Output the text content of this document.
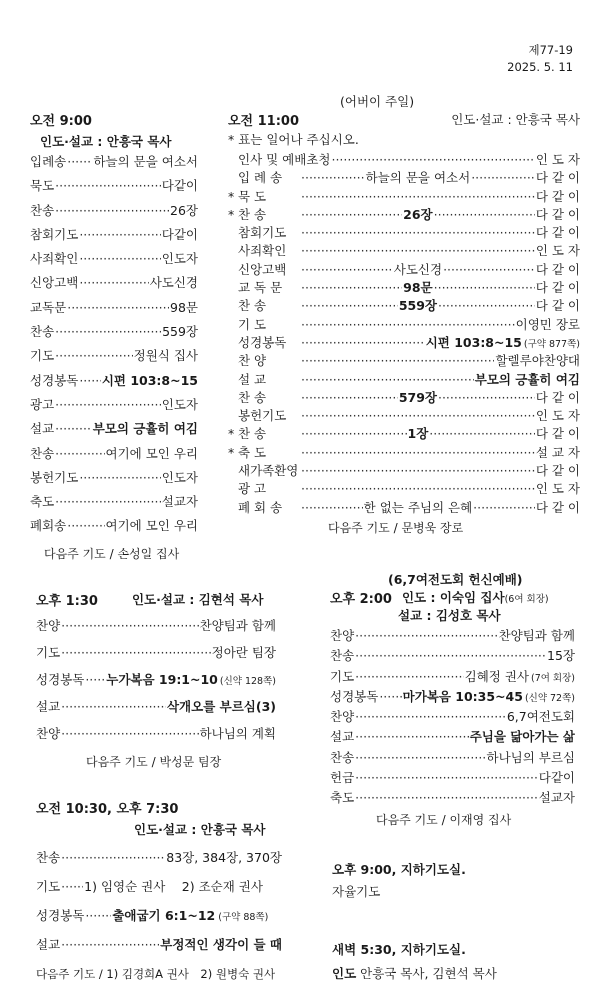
제77-19
2025. 5. 11
오전 9:00
인도·설교 : 안흥국 목사
입례송 ····· 하늘의 문을 여소서
묵도 ·····	다같이
찬송 ·····	26장
참회기도 ·····	다같이
사죄확인 ·····	인도자
신앙고백 ·····	사도신경
교독문 ·····	98문
찬송 ·····	559장
기도 ·····	정원식 집사
성경봉독 ····· 시편 103:8~15
광고 ·····	인도자
설교 ·····	부모의 긍휼히 여김
찬송 ·····	여기에 모인 우리
봉헌기도 ·····	인도자
축도 ·····	설교자
폐회송 ·····	여기에 모인 우리
다음주 기도 / 손성일 집사
(어버이 주일)
오전 11:00	인도·설교 : 안흥국 목사
* 표는 일어나 주십시오.
인사 및 예배초청 ·····	인 도 자
입 례 송 ·····	하늘의 문을 여소서 ·····	다 같 이
* 묵 도 ·····	다 같 이
* 찬 송 ·····	26장 ·····	다 같 이
참회기도 ·····	다 같 이
사죄확인 ·····	인 도 자
신앙고백 ·····	사도신경 ·····	다 같 이
교 독 문 ·····	98문 ·····	다 같 이
찬 송 ·····	559장 ·····	다 같 이
기 도 ·····	이영민 장로
성경봉독 ·····	시편 103:8~15 (구약 877쪽)
찬 양 ·····	할렐루야찬양대
설 교 ·····	부모의 긍휼히 여김
찬 송 ·····	579장 ·····	다 같 이
봉헌기도 ·····	인 도 자
* 찬 송 ·····	1장 ·····	다 같 이
* 축 도 ·····	설 교 자
새가족환영 ·····	다 같 이
광 고 ·····	인 도 자
폐 회 송 ·····	한 없는 주님의 은혜 ·····	다 같 이
다음주 기도 / 문병욱 장로
오후 1:30	인도·설교 : 김현석 목사
찬양 ·····	찬양팀과 함께
기도 ·····	정아란 팀장
성경봉독 ····· 누가복음 19:1~10 (신약 128쪽)
설교 ·····	삭개오를 부르심(3)
찬양 ·····	하나님의 계획
다음주 기도 / 박성문 팀장
(6,7여전도회 헌신예배)
오후 2:00 인도 : 이숙임 집사(6여 회장)
설교 : 김성호 목사
찬양 ·····	찬양팀과 함께
찬송 ·····	15장
기도 ·····	김혜정 권사 (7여 회장)
성경봉독 ····· 마가복음 10:35~45 (신약 72쪽)
찬양 ·····	6,7여전도회
설교 ·····	주님을 닮아가는 삶
찬송 ·····	하나님의 부르심
헌금 ·····	다같이
축도 ·····	설교자
다음주 기도 / 이재영 집사
오전 10:30, 오후 7:30
인도·설교 : 안흥국 목사
찬송 ·····	83장, 384장, 370장
기도 ····· 1) 임영순 권사　 2) 조순재 권사
성경봉독 ····· 출애굽기 6:1~12 (구약 88쪽)
설교 ·····	부정적인 생각이 들 때
다음주 기도 / 1) 김경희A 권사　2) 원병숙 권사
오후 9:00, 지하기도실.
자율기도
새벽 5:30, 지하기도실.
인도 안흥국 목사, 김현석 목사
